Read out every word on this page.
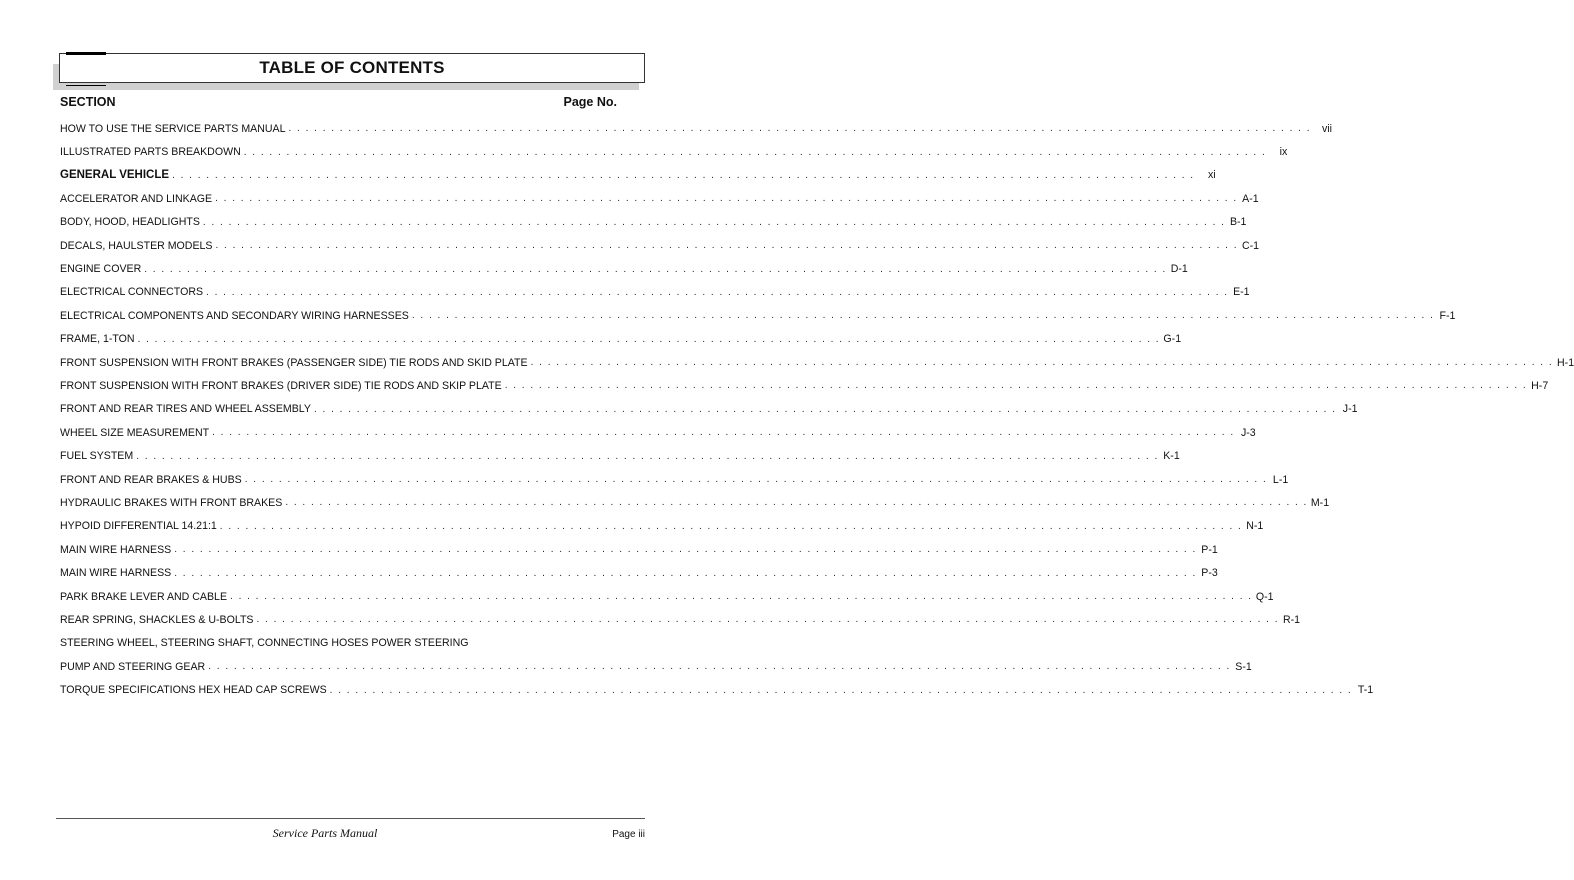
TABLE OF CONTENTS
SECTION	Page No.
HOW TO USE THE SERVICE PARTS MANUAL . . . . . . . . . . . . . . . . . . . . . . . . . . . . . . . . . . . . . . . . . . . . . . . . . . . . . . . . . . . . . . . . . . . . . . . . . . . . . . . . . . . . . . . . . . . . . . . . . . . . . . . . . . . . . . . . . . . . . . . .	vii
ILLUSTRATED PARTS BREAKDOWN . . . . . . . . . . . . . . . . . . . . . . . . . . . . . . . . . . . . . . . . . . . . . . . . . . . . . . . . . . . . . . . . . . . . . . . . . . . . . . . . . . . . . . . . . . . . . . . . . . . . . . . . . . . . . . . . . . . . . . . .	ix
GENERAL VEHICLE . . . . . . . . . . . . . . . . . . . . . . . . . . . . . . . . . . . . . . . . . . . . . . . . . . . . . . . . . . . . . . . . . . . . . . . . . . . . . . . . . . . . . . . . . . . . . . . . . . . . . . . . . . . . . . . . . . . . . . . .	xi
ACCELERATOR AND LINKAGE . . . . . . . . . . . . . . . . . . . . . . . . . . . . . . . . . . . . . . . . . . . . . . . . . . . . . . . . . . . . . . . . . . . . . . . . . . . . . . . . . . . . . . . . . . . . . . . . . . . . . . . . . . . . . . . . . . . . . . . . A-1
BODY, HOOD, HEADLIGHTS . . . . . . . . . . . . . . . . . . . . . . . . . . . . . . . . . . . . . . . . . . . . . . . . . . . . . . . . . . . . . . . . . . . . . . . . . . . . . . . . . . . . . . . . . . . . . . . . . . . . . . . . . . . . . . . . . . . . . . . . B-1
DECALS, HAULSTER MODELS . . . . . . . . . . . . . . . . . . . . . . . . . . . . . . . . . . . . . . . . . . . . . . . . . . . . . . . . . . . . . . . . . . . . . . . . . . . . . . . . . . . . . . . . . . . . . . . . . . . . . . . . . . . . . . . . . . . . . . . . C-1
ENGINE COVER . . . . . . . . . . . . . . . . . . . . . . . . . . . . . . . . . . . . . . . . . . . . . . . . . . . . . . . . . . . . . . . . . . . . . . . . . . . . . . . . . . . . . . . . . . . . . . . . . . . . . . . . . . . . . . . . . . . . . . . . D-1
ELECTRICAL CONNECTORS . . . . . . . . . . . . . . . . . . . . . . . . . . . . . . . . . . . . . . . . . . . . . . . . . . . . . . . . . . . . . . . . . . . . . . . . . . . . . . . . . . . . . . . . . . . . . . . . . . . . . . . . . . . . . . . . . . . . . . . . E-1
ELECTRICAL COMPONENTS AND SECONDARY WIRING HARNESSES . . . . . . . . . . . . . . . . . . . . . . . . . . . . . . . . . . . . . . . . . . . . . . . . . . . . . . . . . . . . . . . . . . . . . . . . . . . . . . . . . . . . . . . . . . . . . . . . . . . . . . . . . . . . . . . . . . . . . . . . F-1
FRAME, 1-TON . . . . . . . . . . . . . . . . . . . . . . . . . . . . . . . . . . . . . . . . . . . . . . . . . . . . . . . . . . . . . . . . . . . . . . . . . . . . . . . . . . . . . . . . . . . . . . . . . . . . . . . . . . . . . . . . . . . . . . . . G-1
FRONT SUSPENSION WITH FRONT BRAKES (PASSENGER SIDE) TIE RODS AND SKID PLATE . . . . . . . . . . . . . . . . . . . . . . . . . . . . . . . . . . . . . . . . . . . . . . . . . . . . . . . . . . . . . . . . . . . . . . . . . . . . . . . . . . . . . . . . . . . . . . . . . . . . . . . . . . . . . . . . . . . . . . . . H-1
FRONT SUSPENSION WITH FRONT BRAKES (DRIVER SIDE) TIE RODS AND SKIP PLATE . . . . . . . . . . . . . . . . . . . . . . . . . . . . . . . . . . . . . . . . . . . . . . . . . . . . . . . . . . . . . . . . . . . . . . . . . . . . . . . . . . . . . . . . . . . . . . . . . . . . . . . . . . . . . . . . . . . . . . . . H-7
FRONT AND REAR TIRES AND WHEEL ASSEMBLY . . . . . . . . . . . . . . . . . . . . . . . . . . . . . . . . . . . . . . . . . . . . . . . . . . . . . . . . . . . . . . . . . . . . . . . . . . . . . . . . . . . . . . . . . . . . . . . . . . . . . . . . . . . . . . . . . . . . . . . . J-1
WHEEL SIZE MEASUREMENT . . . . . . . . . . . . . . . . . . . . . . . . . . . . . . . . . . . . . . . . . . . . . . . . . . . . . . . . . . . . . . . . . . . . . . . . . . . . . . . . . . . . . . . . . . . . . . . . . . . . . . . . . . . . . . . . . . . . . . . . J-3
FUEL SYSTEM . . . . . . . . . . . . . . . . . . . . . . . . . . . . . . . . . . . . . . . . . . . . . . . . . . . . . . . . . . . . . . . . . . . . . . . . . . . . . . . . . . . . . . . . . . . . . . . . . . . . . . . . . . . . . . . . . . . . . . . . K-1
FRONT AND REAR BRAKES & HUBS . . . . . . . . . . . . . . . . . . . . . . . . . . . . . . . . . . . . . . . . . . . . . . . . . . . . . . . . . . . . . . . . . . . . . . . . . . . . . . . . . . . . . . . . . . . . . . . . . . . . . . . . . . . . . . . . . . . . . . . . L-1
HYDRAULIC BRAKES WITH FRONT BRAKES . . . . . . . . . . . . . . . . . . . . . . . . . . . . . . . . . . . . . . . . . . . . . . . . . . . . . . . . . . . . . . . . . . . . . . . . . . . . . . . . . . . . . . . . . . . . . . . . . . . . . . . . . . . . . . . . . . . . . . . . M-1
HYPOID DIFFERENTIAL 14.21:1 . . . . . . . . . . . . . . . . . . . . . . . . . . . . . . . . . . . . . . . . . . . . . . . . . . . . . . . . . . . . . . . . . . . . . . . . . . . . . . . . . . . . . . . . . . . . . . . . . . . . . . . . . . . . . . . . . . . . . . . . N-1
MAIN WIRE HARNESS . . . . . . . . . . . . . . . . . . . . . . . . . . . . . . . . . . . . . . . . . . . . . . . . . . . . . . . . . . . . . . . . . . . . . . . . . . . . . . . . . . . . . . . . . . . . . . . . . . . . . . . . . . . . . . . . . . . . . . . . P-1
MAIN WIRE HARNESS . . . . . . . . . . . . . . . . . . . . . . . . . . . . . . . . . . . . . . . . . . . . . . . . . . . . . . . . . . . . . . . . . . . . . . . . . . . . . . . . . . . . . . . . . . . . . . . . . . . . . . . . . . . . . . . . . . . . . . . . P-3
PARK BRAKE LEVER AND CABLE . . . . . . . . . . . . . . . . . . . . . . . . . . . . . . . . . . . . . . . . . . . . . . . . . . . . . . . . . . . . . . . . . . . . . . . . . . . . . . . . . . . . . . . . . . . . . . . . . . . . . . . . . . . . . . . . . . . . . . . . Q-1
REAR SPRING, SHACKLES & U-BOLTS . . . . . . . . . . . . . . . . . . . . . . . . . . . . . . . . . . . . . . . . . . . . . . . . . . . . . . . . . . . . . . . . . . . . . . . . . . . . . . . . . . . . . . . . . . . . . . . . . . . . . . . . . . . . . . . . . . . . . . . . R-1
STEERING WHEEL, STEERING SHAFT, CONNECTING HOSES POWER STEERING
PUMP AND STEERING GEAR . . . . . . . . . . . . . . . . . . . . . . . . . . . . . . . . . . . . . . . . . . . . . . . . . . . . . . . . . . . . . . . . . . . . . . . . . . . . . . . . . . . . . . . . . . . . . . . . . . . . . . . . . . . . . . . . . . . . . . . . S-1
TORQUE SPECIFICATIONS HEX HEAD CAP SCREWS . . . . . . . . . . . . . . . . . . . . . . . . . . . . . . . . . . . . . . . . . . . . . . . . . . . . . . . . . . . . . . . . . . . . . . . . . . . . . . . . . . . . . . . . . . . . . . . . . . . . . . . . . . . . . . . . . . . . . . . . T-1
Service Parts Manual	Page iii
